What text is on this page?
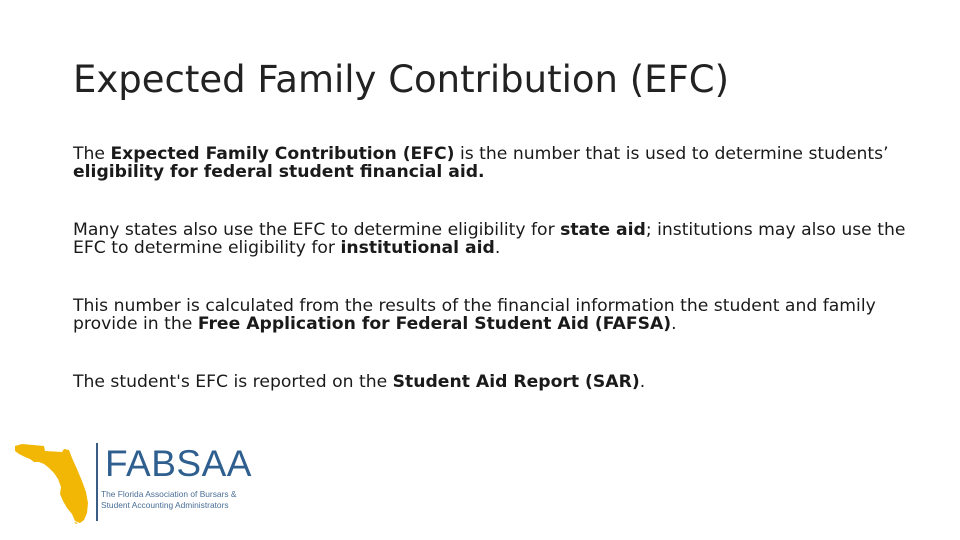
Expected Family Contribution (EFC)

The Expected Family Contribution (EFC) is the number that is used to determine students’ eligibility for federal student financial aid.

Many states also use the EFC to determine eligibility for state aid; institutions may also use the EFC to determine eligibility for institutional aid.

This number is calculated from the results of the financial information the student and family provide in the Free Application for Federal Student Aid (FAFSA).

The student's EFC is reported on the Student Aid Report (SAR).

FABSAA
The Florida Association of Bursars &
Student Accounting Administrators
